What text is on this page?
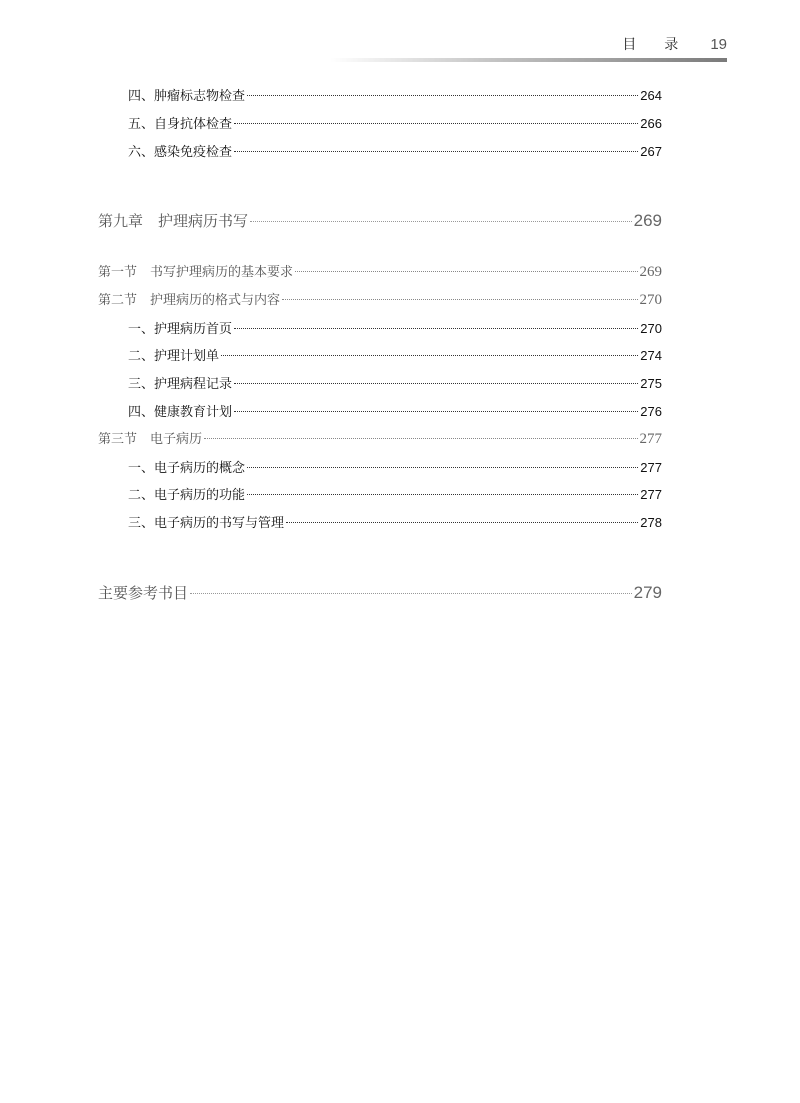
目录 19
四、肿瘤标志物检查	264
五、自身抗体检查	266
六、感染免疫检查	267
第九章　护理病历书写	269
第一节　书写护理病历的基本要求	269
第二节　护理病历的格式与内容	270
一、护理病历首页	270
二、护理计划单	274
三、护理病程记录	275
四、健康教育计划	276
第三节　电子病历	277
一、电子病历的概念	277
二、电子病历的功能	277
三、电子病历的书写与管理	278
主要参考书目	279
